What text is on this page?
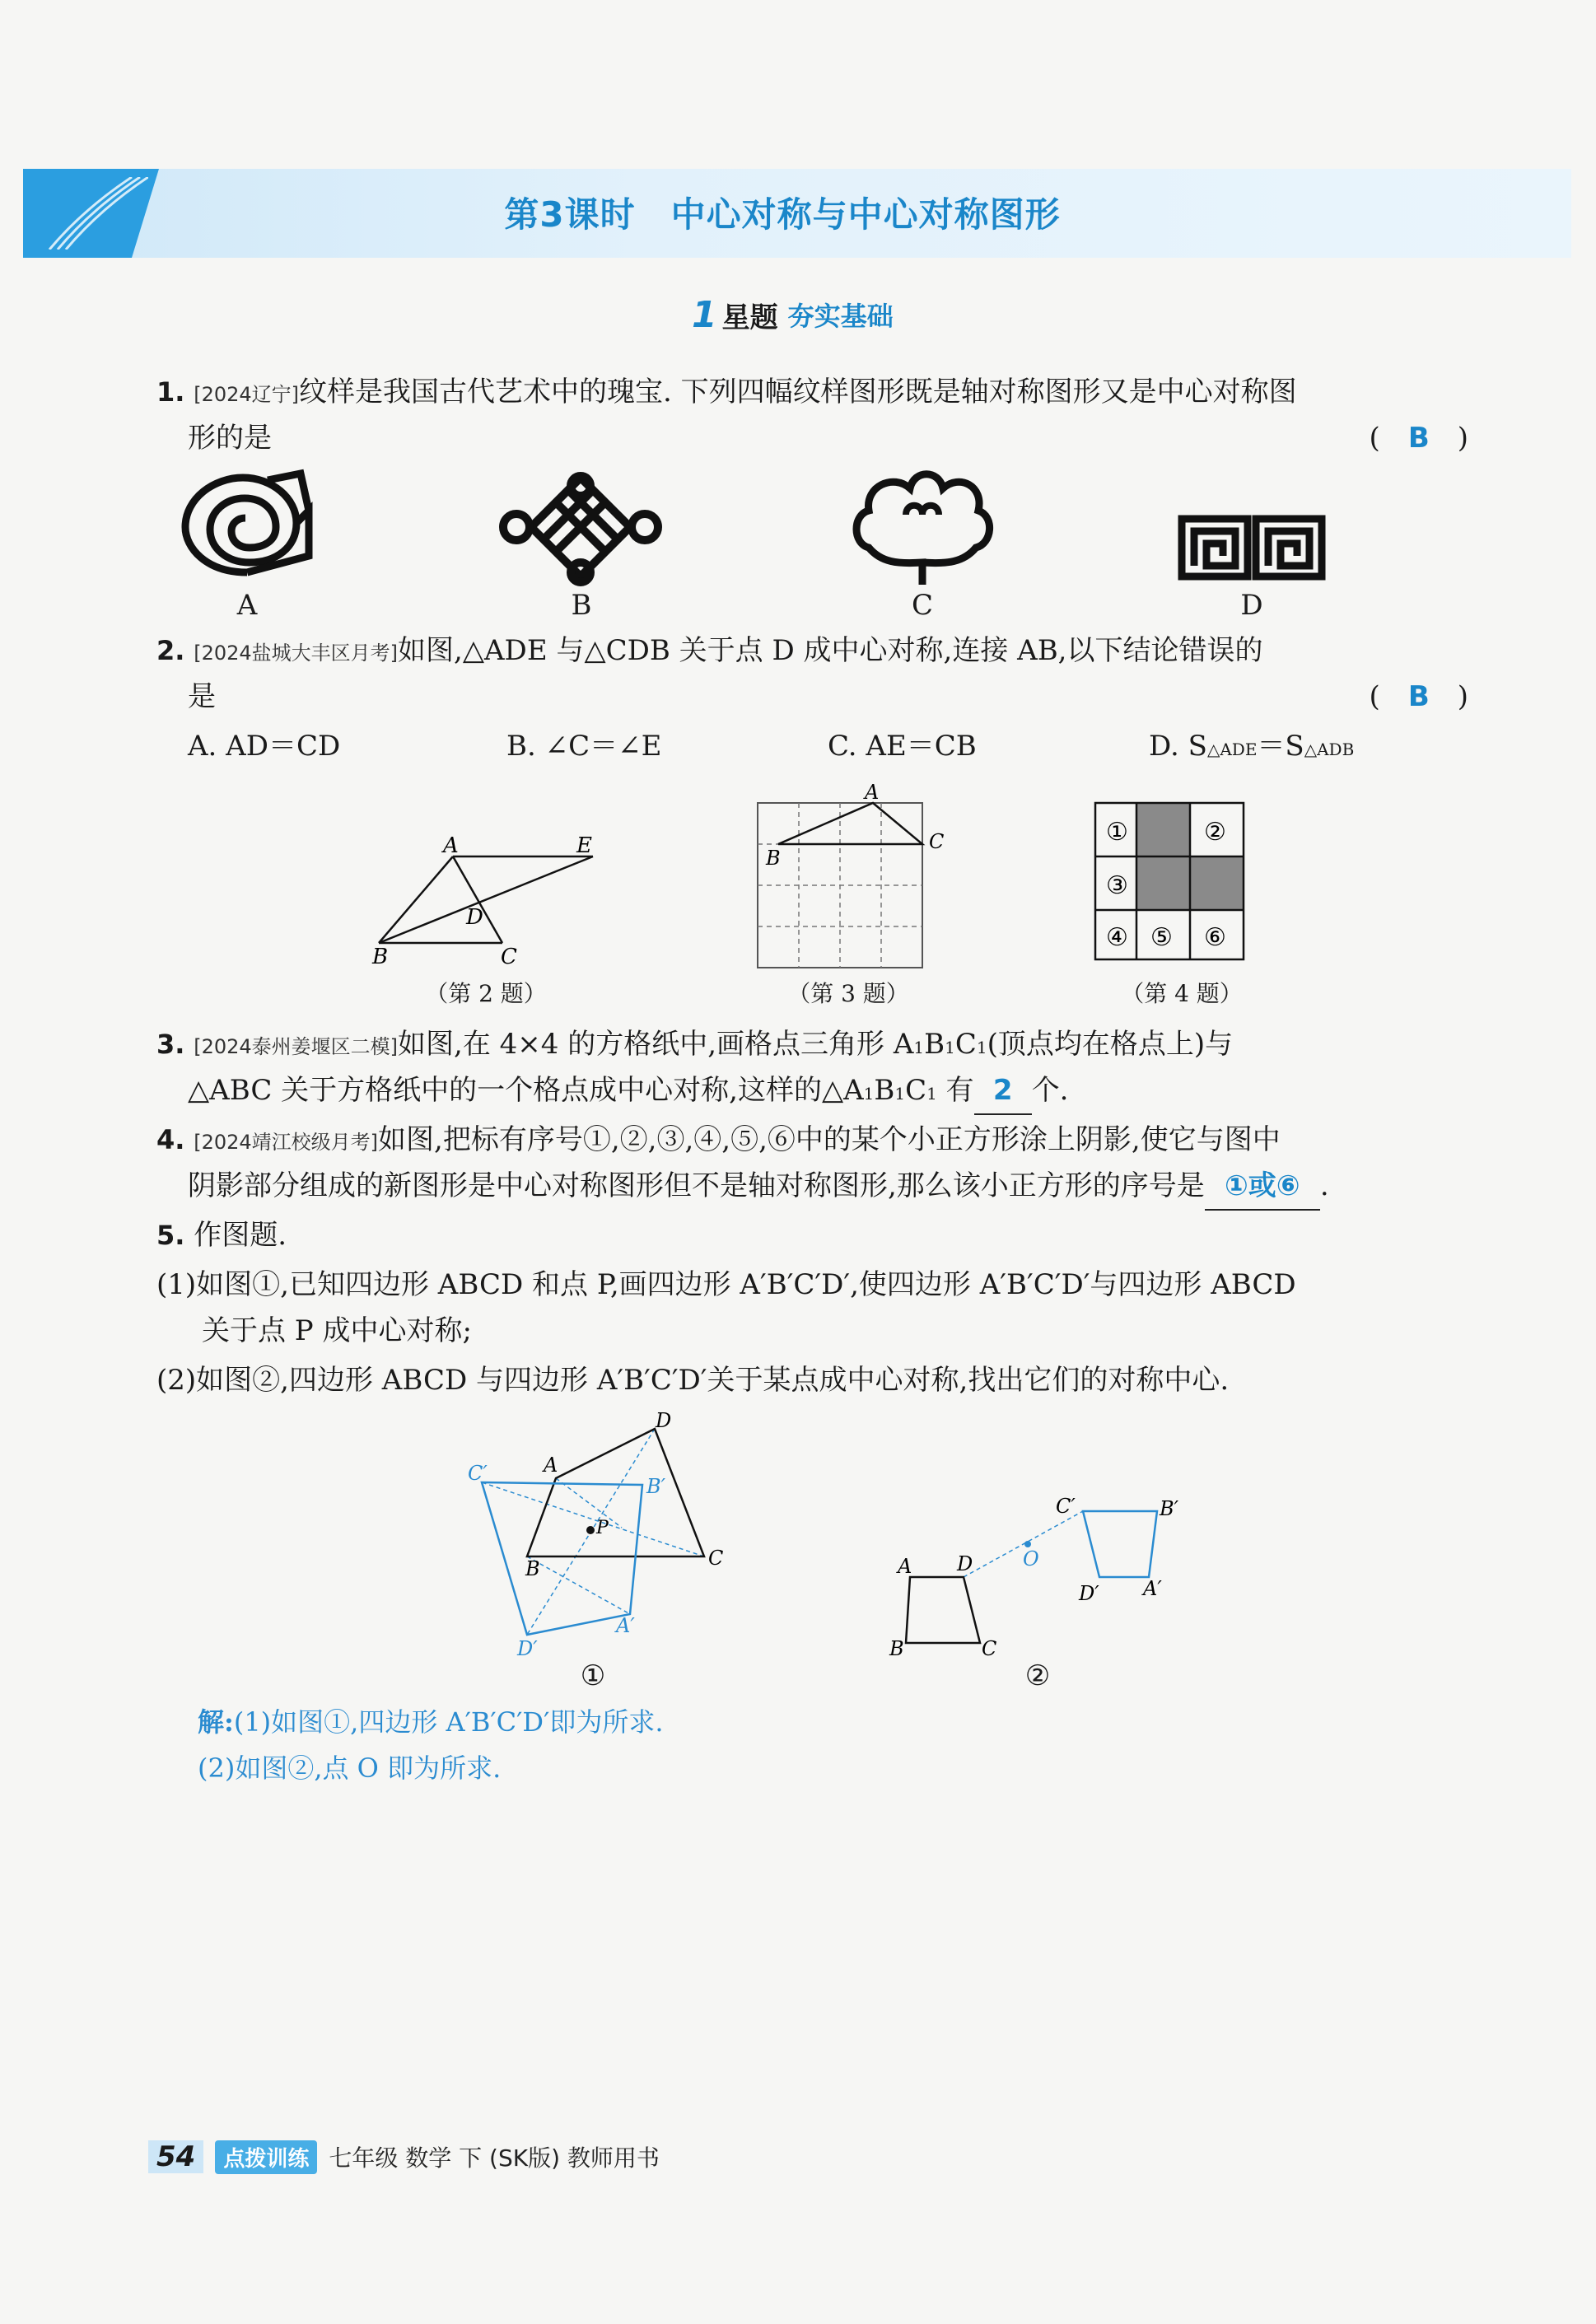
第3课时　中心对称与中心对称图形
1 星题 夯实基础
1. [2024辽宁]纹样是我国古代艺术中的瑰宝. 下列四幅纹样图形既是轴对称图形又是中心对称图
形的是	(　B　)
A	B	C	D
2. [2024盐城大丰区月考]如图,△ADE 与△CDB 关于点 D 成中心对称,连接 AB,以下结论错误的
是	(　B　)
A. AD＝CD	B. ∠C＝∠E	C. AE＝CB	D. S△ADE＝S△ADB
A	E
D
B	C
（第 2 题）
A
B
C
（第 3 题）
①	②
③
④ ⑤ ⑥
（第 4 题）
3. [2024泰州姜堰区二模]如图,在 4×4 的方格纸中,画格点三角形 A1B1C1(顶点均在格点上)与
△ABC 关于方格纸中的一个格点成中心对称,这样的△A1B1C1 有 2 个.
4. [2024靖江校级月考]如图,把标有序号①,②,③,④,⑤,⑥中的某个小正方形涂上阴影,使它与图中
阴影部分组成的新图形是中心对称图形但不是轴对称图形,那么该小正方形的序号是 ①或⑥ .
5. 作图题.
(1)如图①,已知四边形 ABCD 和点 P,画四边形 A′B′C′D′,使四边形 A′B′C′D′与四边形 ABCD
关于点 P 成中心对称;
(2)如图②,四边形 ABCD 与四边形 A′B′C′D′关于某点成中心对称,找出它们的对称中心.
A
D
C
B
P
C′
B′
D′
A′
①
A D
B	C
O
C′	B′
D′ A′
②
解:(1)如图①,四边形 A′B′C′D′即为所求.
(2)如图②,点 O 即为所求.
54	点拨训练 七年级 数学 下 (SK版) 教师用书
